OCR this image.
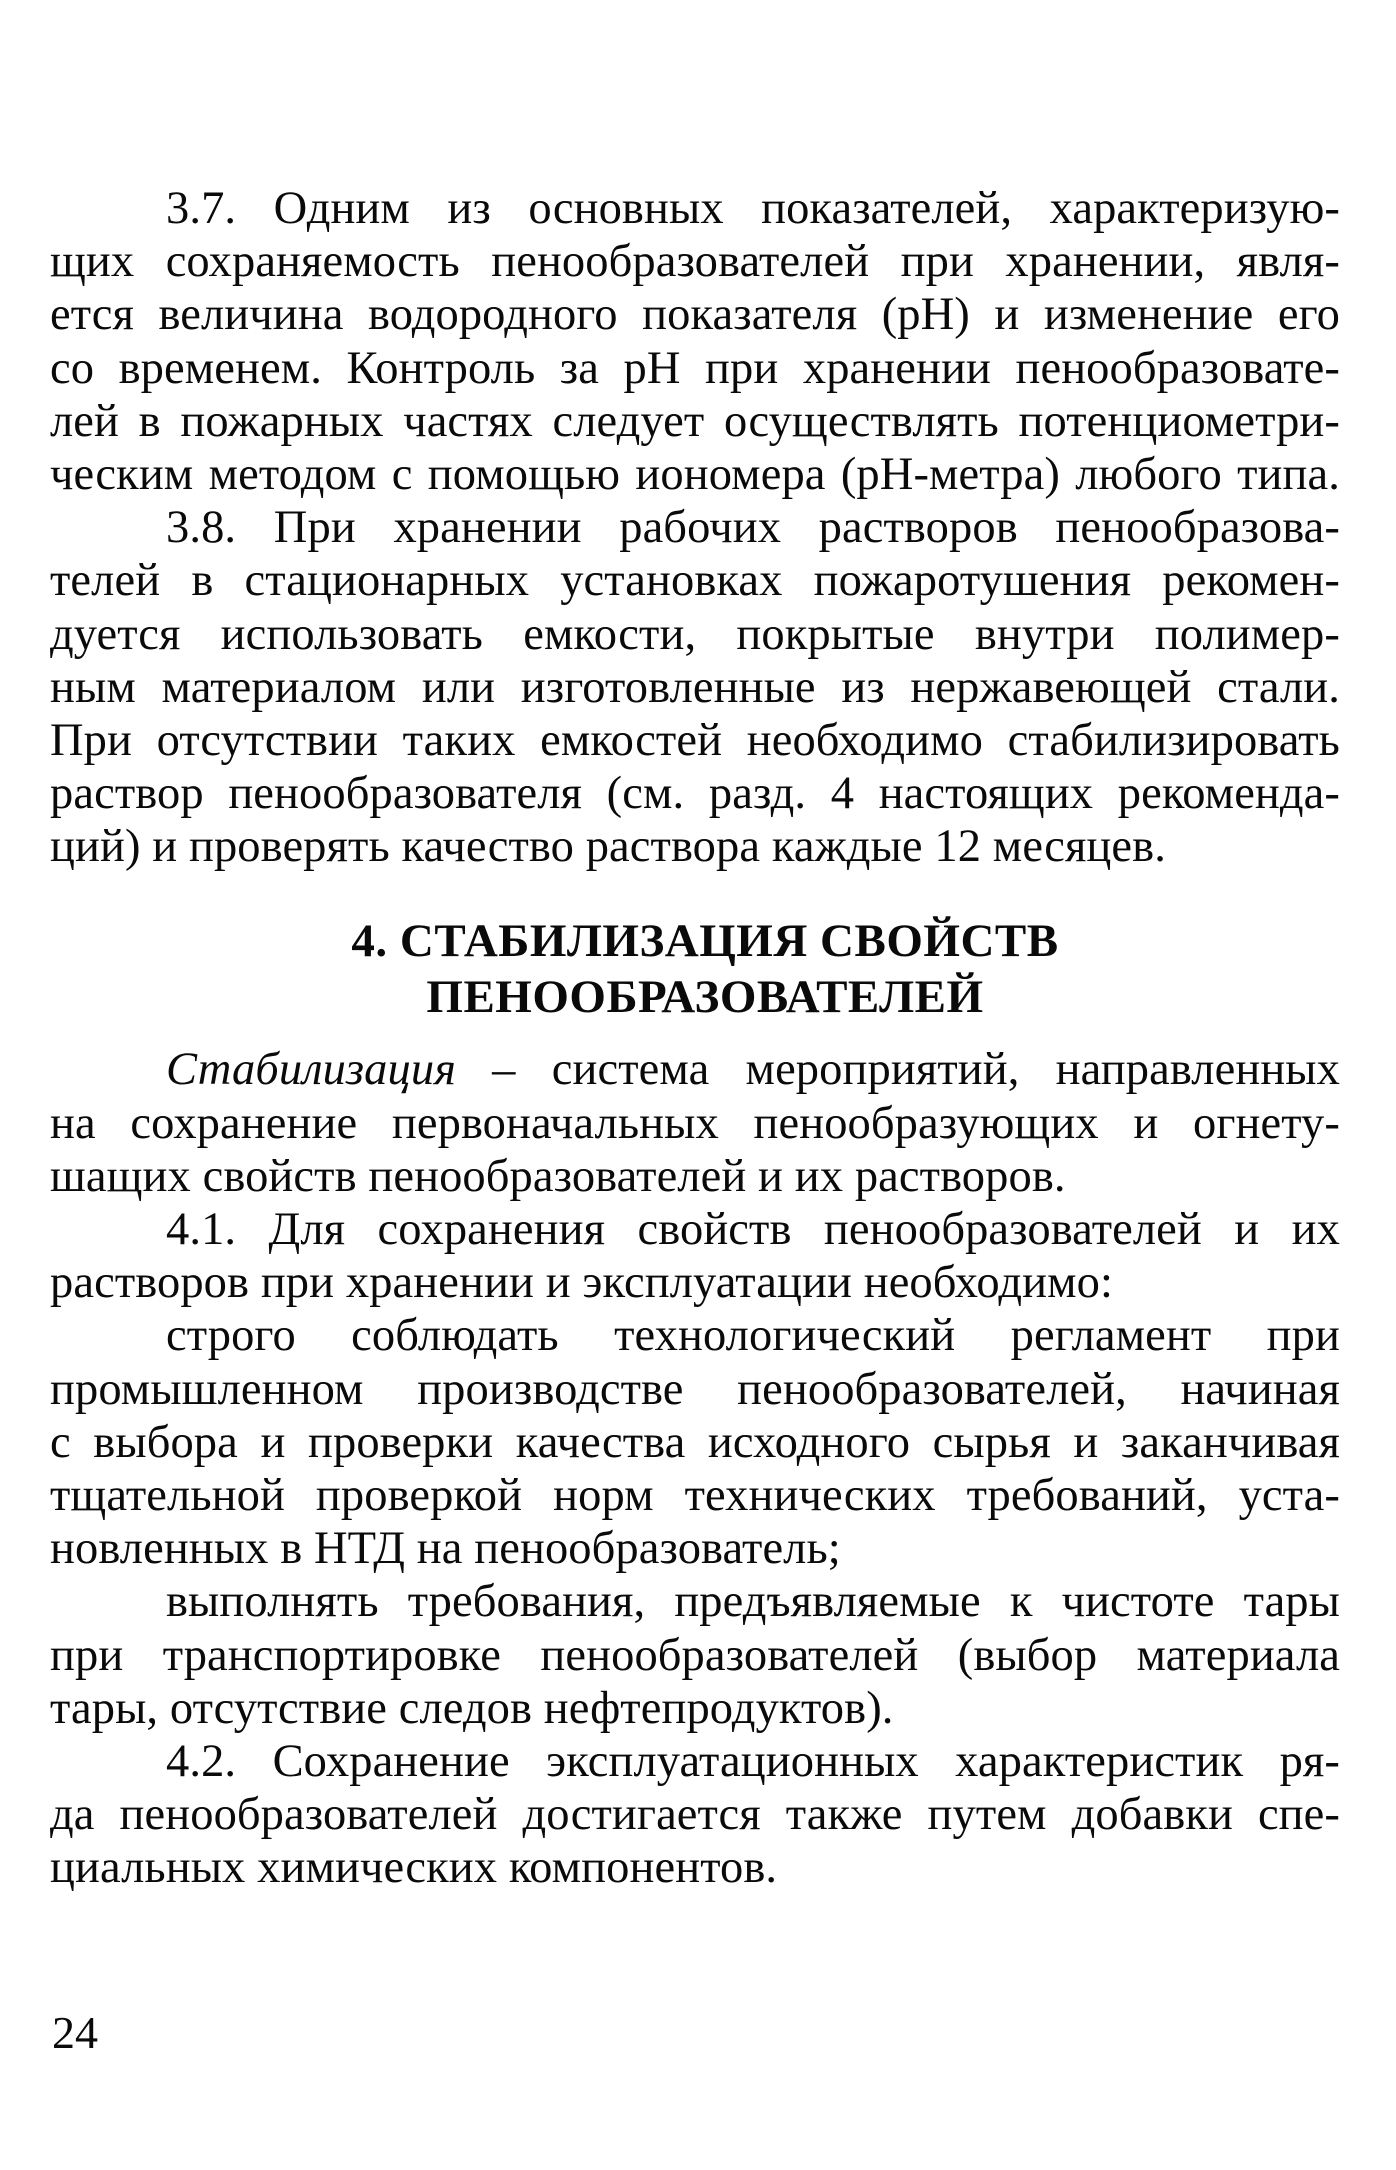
3.7. Одним из основных показателей, характеризую-
щих сохраняемость пенообразователей при хранении, явля-
ется величина водородного показателя (рН) и изменение его
со временем. Контроль за рН при хранении пенообразовате-
лей в пожарных частях следует осуществлять потенциометри-
ческим методом с помощью иономера (рН-метра) любого типа.
3.8. При хранении рабочих растворов пенообразова-
телей в стационарных установках пожаротушения рекомен-
дуется использовать емкости, покрытые внутри полимер-
ным материалом или изготовленные из нержавеющей стали.
При отсутствии таких емкостей необходимо стабилизировать
раствор пенообразователя (см. разд. 4 настоящих рекоменда-
ций) и проверять качество раствора каждые 12 месяцев.
4. СТАБИЛИЗАЦИЯ СВОЙСТВ
ПЕНООБРАЗОВАТЕЛЕЙ
Стабилизация – система мероприятий, направленных
на сохранение первоначальных пенообразующих и огнету-
шащих свойств пенообразователей и их растворов.
4.1. Для сохранения свойств пенообразователей и их
растворов при хранении и эксплуатации необходимо:
строго соблюдать технологический регламент при
промышленном производстве пенообразователей, начиная
с выбора и проверки качества исходного сырья и заканчивая
тщательной проверкой норм технических требований, уста-
новленных в НТД на пенообразователь;
выполнять требования, предъявляемые к чистоте тары
при транспортировке пенообразователей (выбор материала
тары, отсутствие следов нефтепродуктов).
4.2. Сохранение эксплуатационных характеристик ря-
да пенообразователей достигается также путем добавки спе-
циальных химических компонентов.
24
